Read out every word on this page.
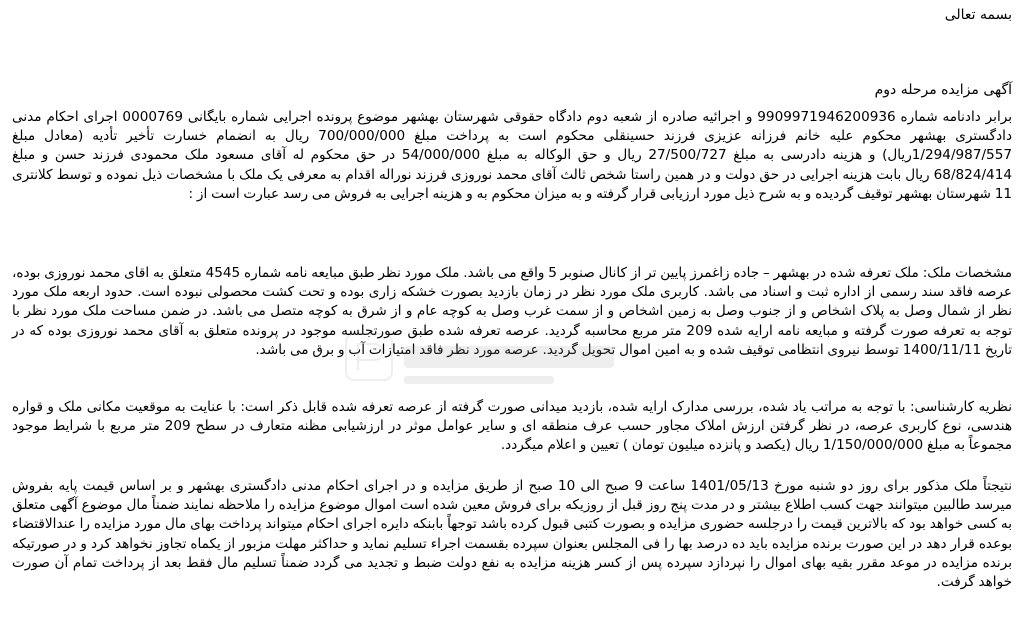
بسمه تعالی
آگهی مزایده مرحله دوم
برابر دادنامه شماره 9909971946200936 و اجرائیه صادره از شعبه دوم دادگاه حقوقی شهرستان بهشهر موضوع پرونده اجرایی شماره بایگانی 0000769 اجرای احکام مدنی دادگستری بهشهر محکوم علیه خانم فرزانه عزیزی فرزند حسینقلی محکوم است به پرداخت مبلغ 700/000/000 ریال به انضمام خسارت تأخیر تأدیه (معادل مبلغ 1/294/987/557ریال) و هزینه دادرسی به مبلغ 27/500/727 ریال و حق الوکاله به مبلغ 54/000/000 در حق محکوم له آقای مسعود ملک محمودی فرزند حسن و مبلغ 68/824/414 ریال بابت هزینه اجرایی در حق دولت و در همین راستا شخص ثالث آقای محمد نوروزی فرزند نوراله اقدام به معرفی یک ملک با مشخصات ذیل نموده و توسط کلانتری 11 شهرستان بهشهر توقیف گردیده و به شرح ذیل مورد ارزیابی قرار گرفته و به میزان محکوم به و هزینه اجرایی به فروش می رسد عبارت است از :
مشخصات ملک: ملک تعرفه شده در بهشهر – جاده زاغمرز پایین تر از کانال صنوبر 5 واقع می باشد. ملک مورد نظر طبق مبایعه نامه شماره 4545 متعلق به اقای محمد نوروزی بوده، عرصه فاقد سند رسمی از اداره ثبت و اسناد می باشد. کاربری ملک مورد نظر در زمان بازدید بصورت خشکه زاری بوده و تحت کشت محصولی نبوده است. حدود اربعه ملک مورد نظر از شمال وصل به پلاک اشخاص و از جنوب وصل به زمین اشخاص و از سمت غرب وصل به کوچه عام و از شرق به کوچه متصل می باشد. در ضمن مساحت ملک مورد نظر با توجه به تعرفه صورت گرفته و مبایعه نامه ارایه شده 209 متر مربع محاسبه گردید. عرصه تعرفه شده طبق صورتجلسه موجود در پرونده متعلق به آقای محمد نوروزی بوده که در تاریخ 1400/11/11 توسط نیروی انتظامی توقیف شده و به امین اموال تحویل گردید. عرصه مورد نظر فاقد امتیازات آب و برق می باشد.
نظریه کارشناسی: با توجه به مراتب یاد شده، بررسی مدارک ارایه شده، بازدید میدانی صورت گرفته از عرصه تعرفه شده قابل ذکر است: با عنایت به موقعیت مکانی ملک و قواره هندسی، نوع کاربری عرصه، در نظر گرفتن ارزش املاک مجاور حسب عرف منطقه ای و سایر عوامل موثر در ارزشیابی مظنه متعارف در سطح 209 متر مربع با شرایط موجود مجموعاً به مبلغ 1/150/000/000 ریال (یکصد و پانزده میلیون تومان ) تعیین و اعلام میگردد.
نتیجتاً ملک مذکور برای روز دو شنبه مورخ 1401/05/13 ساعت 9 صبح الی 10 صبح از طریق مزایده و در اجرای احکام مدنی دادگستری بهشهر و بر اساس قیمت پایه بفروش میرسد طالبین میتوانند جهت کسب اطلاع بیشتر و در مدت پنج روز قبل از روزیکه برای فروش معین شده است اموال موضوع مزایده را ملاحظه نمایند ضمناً مال موضوع آگهی متعلق به کسی خواهد بود که بالاترین قیمت را درجلسه حضوری مزایده و بصورت کتبی قبول کرده باشد توجهاً بابنکه دایره اجرای احکام میتواند پرداخت بهای مال مورد مزایده را عندالاقتضاء بوعده قرار دهد در این صورت برنده مزایده باید ده درصد بها را فی المجلس بعنوان سپرده بقسمت اجراء تسلیم نماید و حداکثر مهلت مزبور از یکماه تجاوز نخواهد کرد و در صورتیکه برنده مزایده در موعد مقرر بقیه بهای اموال را نپردازد سپرده پس از کسر هزینه مزایده به نفع دولت ضبط و تجدید می گردد ضمناً تسلیم مال فقط بعد از پرداخت تمام آن صورت خواهد گرفت.
